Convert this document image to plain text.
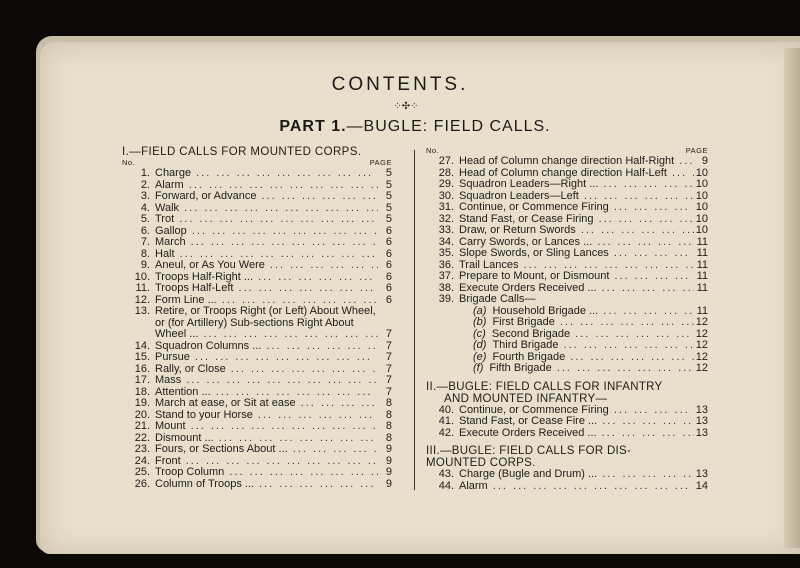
CONTENTS.
⁘✣⁘
PART 1.—BUGLE: FIELD CALLS.
I.—FIELD CALLS FOR MOUNTED CORPS.
No.	PAGE
1. Charge ... .	5
2. Alarm ... .	5
3. Forward, or Advance ... .	5
4. Walk ... .	5
5. Trot ... .	5
6. Gallop ... .	6
7. March ... .	6
8. Halt ... .	6
9. Aneul, or As You Were ... .	6
10. Troops Half-Right ... ... .	6
11. Troops Half-Left ... .	6
12. Form Line ... ... .	6
13. Retire, or Troops Right (or Left) About Wheel,
or (for Artillery) Sub-sections Right About
Wheel ... ... .	7
14. Squadron Columns ... ... .	7
15. Pursue ... .	7
16. Rally, or Close ... .	7
17. Mass ... .	7
18. Attention ... ... .	7
19. March at ease, or Sit at ease ... .	8
20. Stand to your Horse ... .	8
21. Mount ... .	8
22. Dismount ... ... .	8
23. Fours, or Sections About ... ... .	9
24. Front ... .	9
25. Troop Column ... .	9
26. Column of Troops ... ... .	9
No.	PAGE
27. Head of Column change direction Half-Right ... .	9
28. Head of Column change direction Half-Left ... .	10
29. Squadron Leaders—Right ... ... .	10
30. Squadron Leaders—Left ... .	10
31. Continue, or Commence Firing ... .	10
32. Stand Fast, or Cease Firing ... .	10
33. Draw, or Return Swords ... .	10
34. Carry Swords, or Lances ... ... .	11
35. Slope Swords, or Sling Lances ... .	11
36. Trail Lances ... .	11
37. Prepare to Mount, or Dismount ... .	11
38. Execute Orders Received ... ... .	11
39. Brigade Calls—
(a) Household Brigade ... ... .	11
(b) First Brigade ... .	12
(c) Second Brigade ... .	12
(d) Third Brigade ... .	12
(e) Fourth Brigade ... .	12
(f) Fifth Brigade ... .	12
II.—BUGLE: FIELD CALLS FOR INFANTRY
AND MOUNTED INFANTRY—
40. Continue, or Commence Firing ... .	13
41. Stand Fast, or Cease Fire ... ... .	13
42. Execute Orders Received ... ... .	13
III.—BUGLE: FIELD CALLS FOR DIS-
MOUNTED CORPS.
43. Charge (Bugle and Drum) ... ... .	13
44. Alarm ... .	14
